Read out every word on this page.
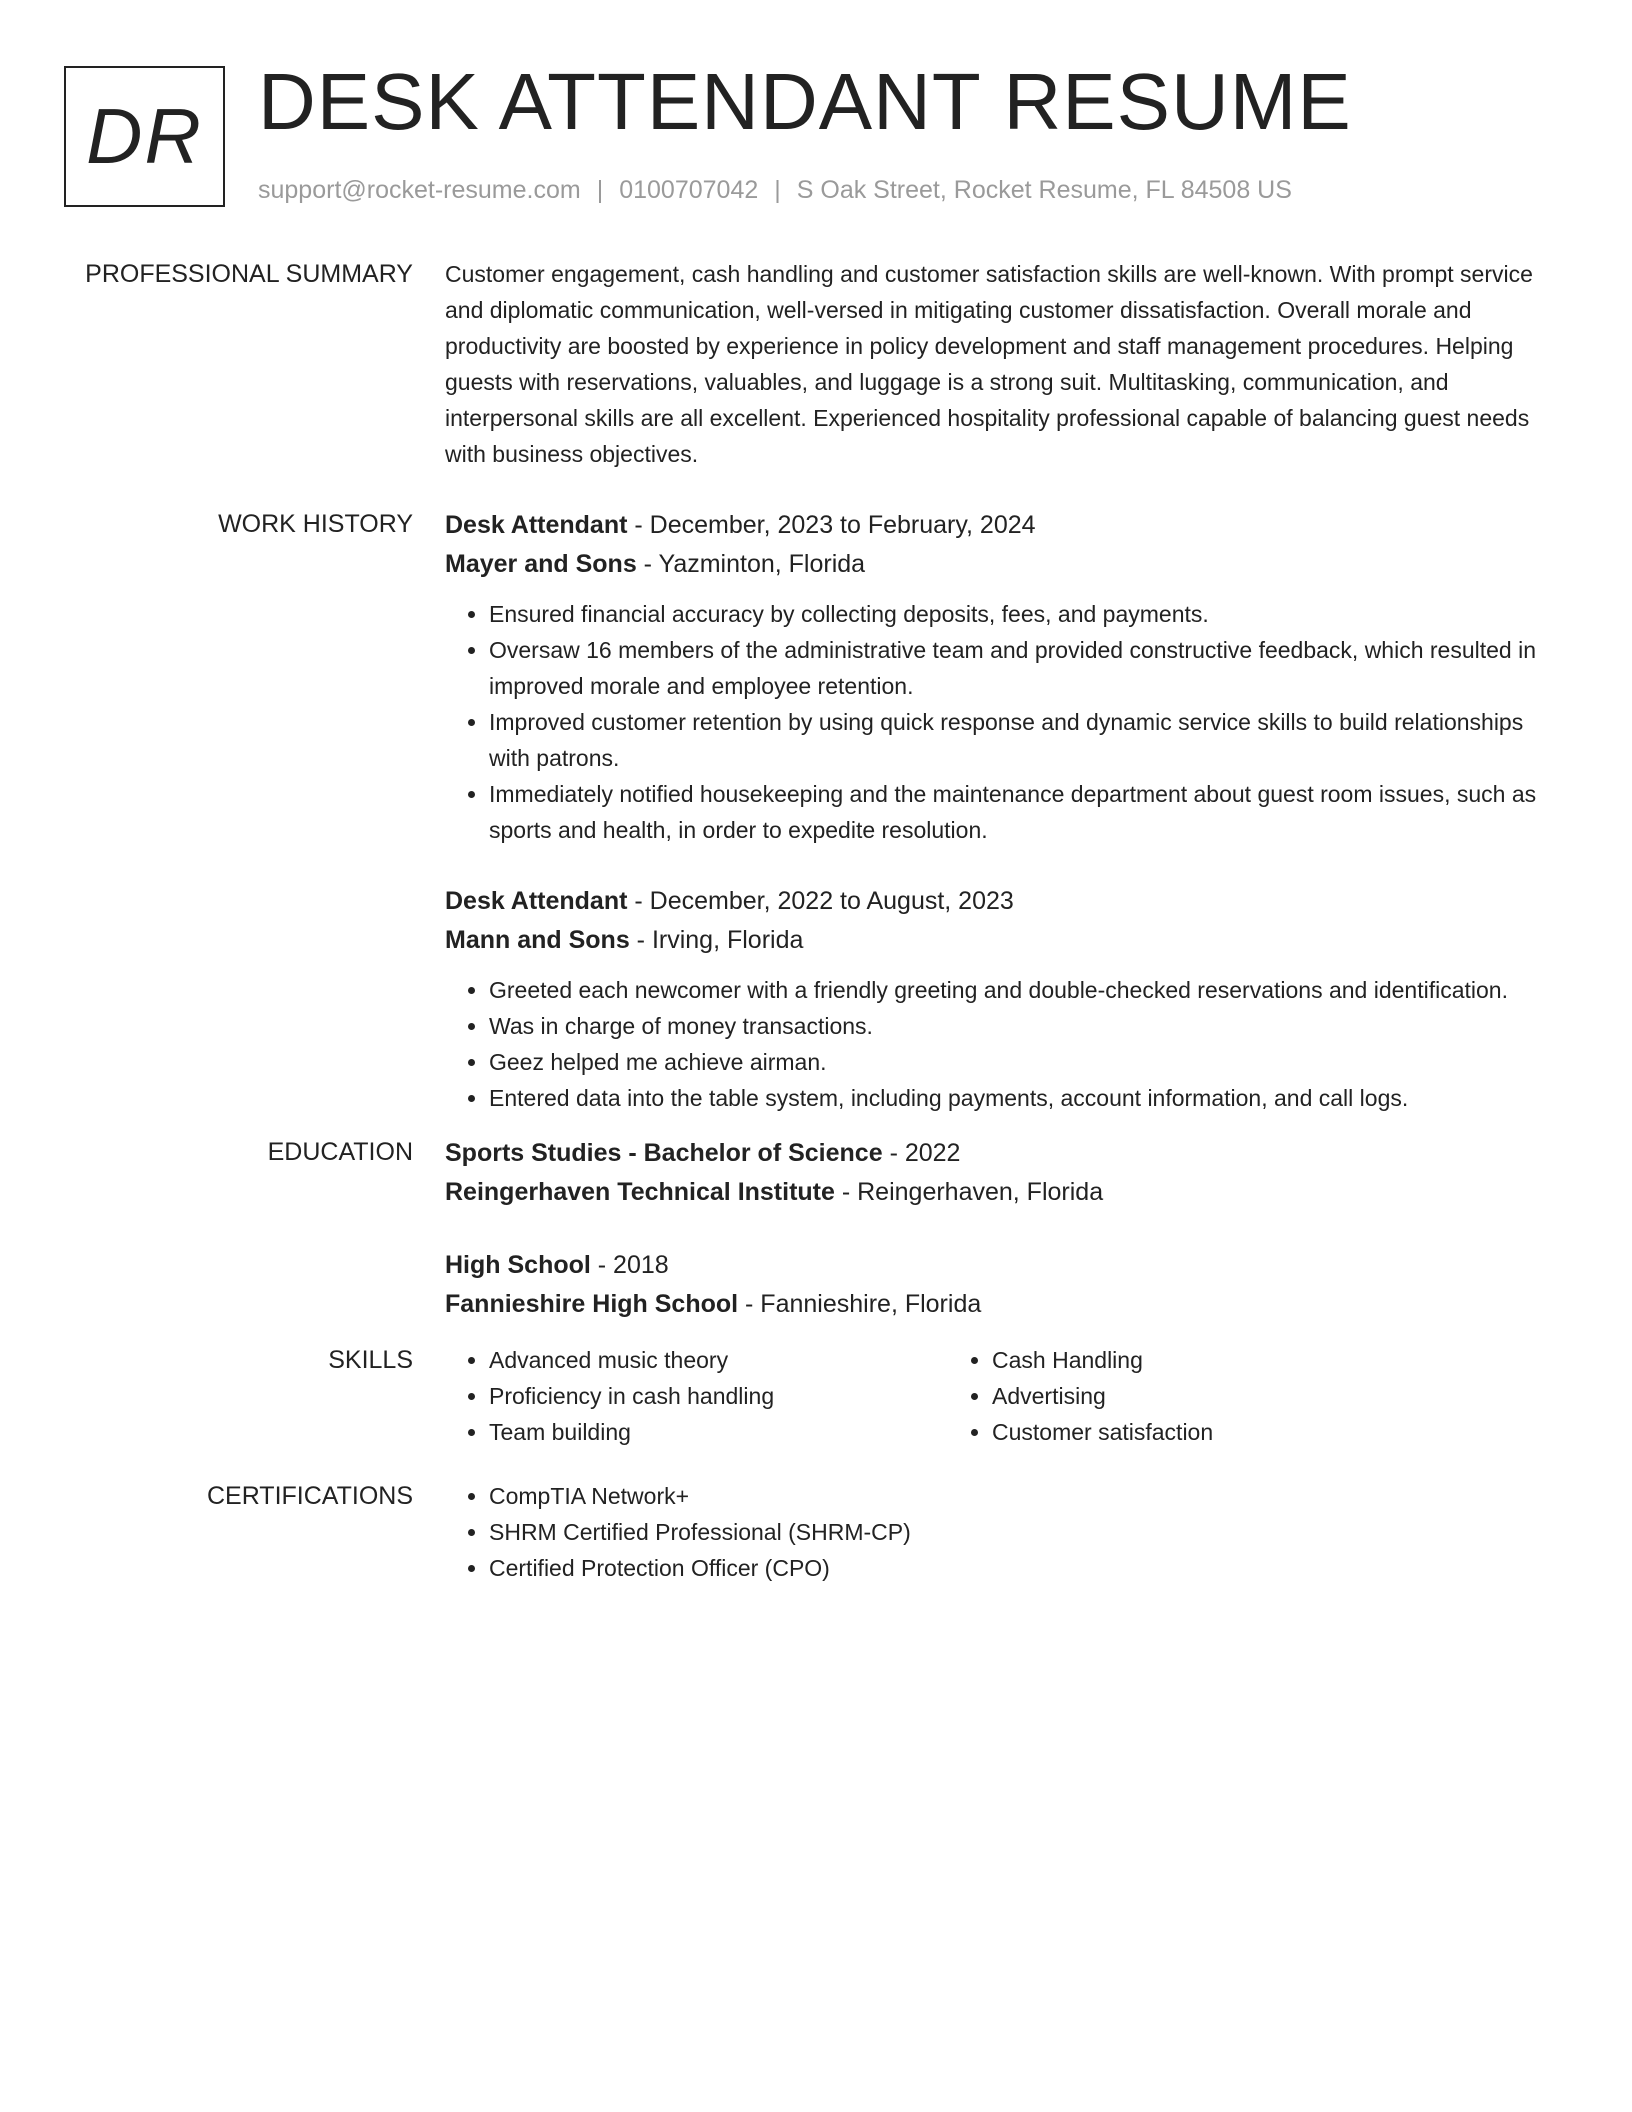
DR DESK ATTENDANT RESUME
support@rocket-resume.com | 0100707042 | S Oak Street, Rocket Resume, FL 84508 US
PROFESSIONAL SUMMARY Customer engagement, cash handling and customer satisfaction skills are well-known. With prompt service and diplomatic communication, well-versed in mitigating customer dissatisfaction. Overall morale and productivity are boosted by experience in policy development and staff management procedures. Helping guests with reservations, valuables, and luggage is a strong suit. Multitasking, communication, and interpersonal skills are all excellent. Experienced hospitality professional capable of balancing guest needs with business objectives.

WORK HISTORY Desk Attendant - December, 2023 to February, 2024
Mayer and Sons - Yazminton, Florida
• Ensured financial accuracy by collecting deposits, fees, and payments.
• Oversaw 16 members of the administrative team and provided constructive feedback, which resulted in improved morale and employee retention.
• Improved customer retention by using quick response and dynamic service skills to build relationships with patrons.
• Immediately notified housekeeping and the maintenance department about guest room issues, such as sports and health, in order to expedite resolution.
Desk Attendant - December, 2022 to August, 2023
Mann and Sons - Irving, Florida
• Greeted each newcomer with a friendly greeting and double-checked reservations and identification.
• Was in charge of money transactions.
• Geez helped me achieve airman.
• Entered data into the table system, including payments, account information, and call logs.
EDUCATION Sports Studies - Bachelor of Science - 2022
Reingerhaven Technical Institute - Reingerhaven, Florida
High School - 2018
Fannieshire High School - Fannieshire, Florida
SKILLS	• Advanced music theory
• Proficiency in cash handling
• Team building
• Cash Handling
• Advertising
• Customer satisfaction
CERTIFICATIONS	• CompTIA Network+
• SHRM Certified Professional (SHRM-CP)
• Certified Protection Officer (CPO)
